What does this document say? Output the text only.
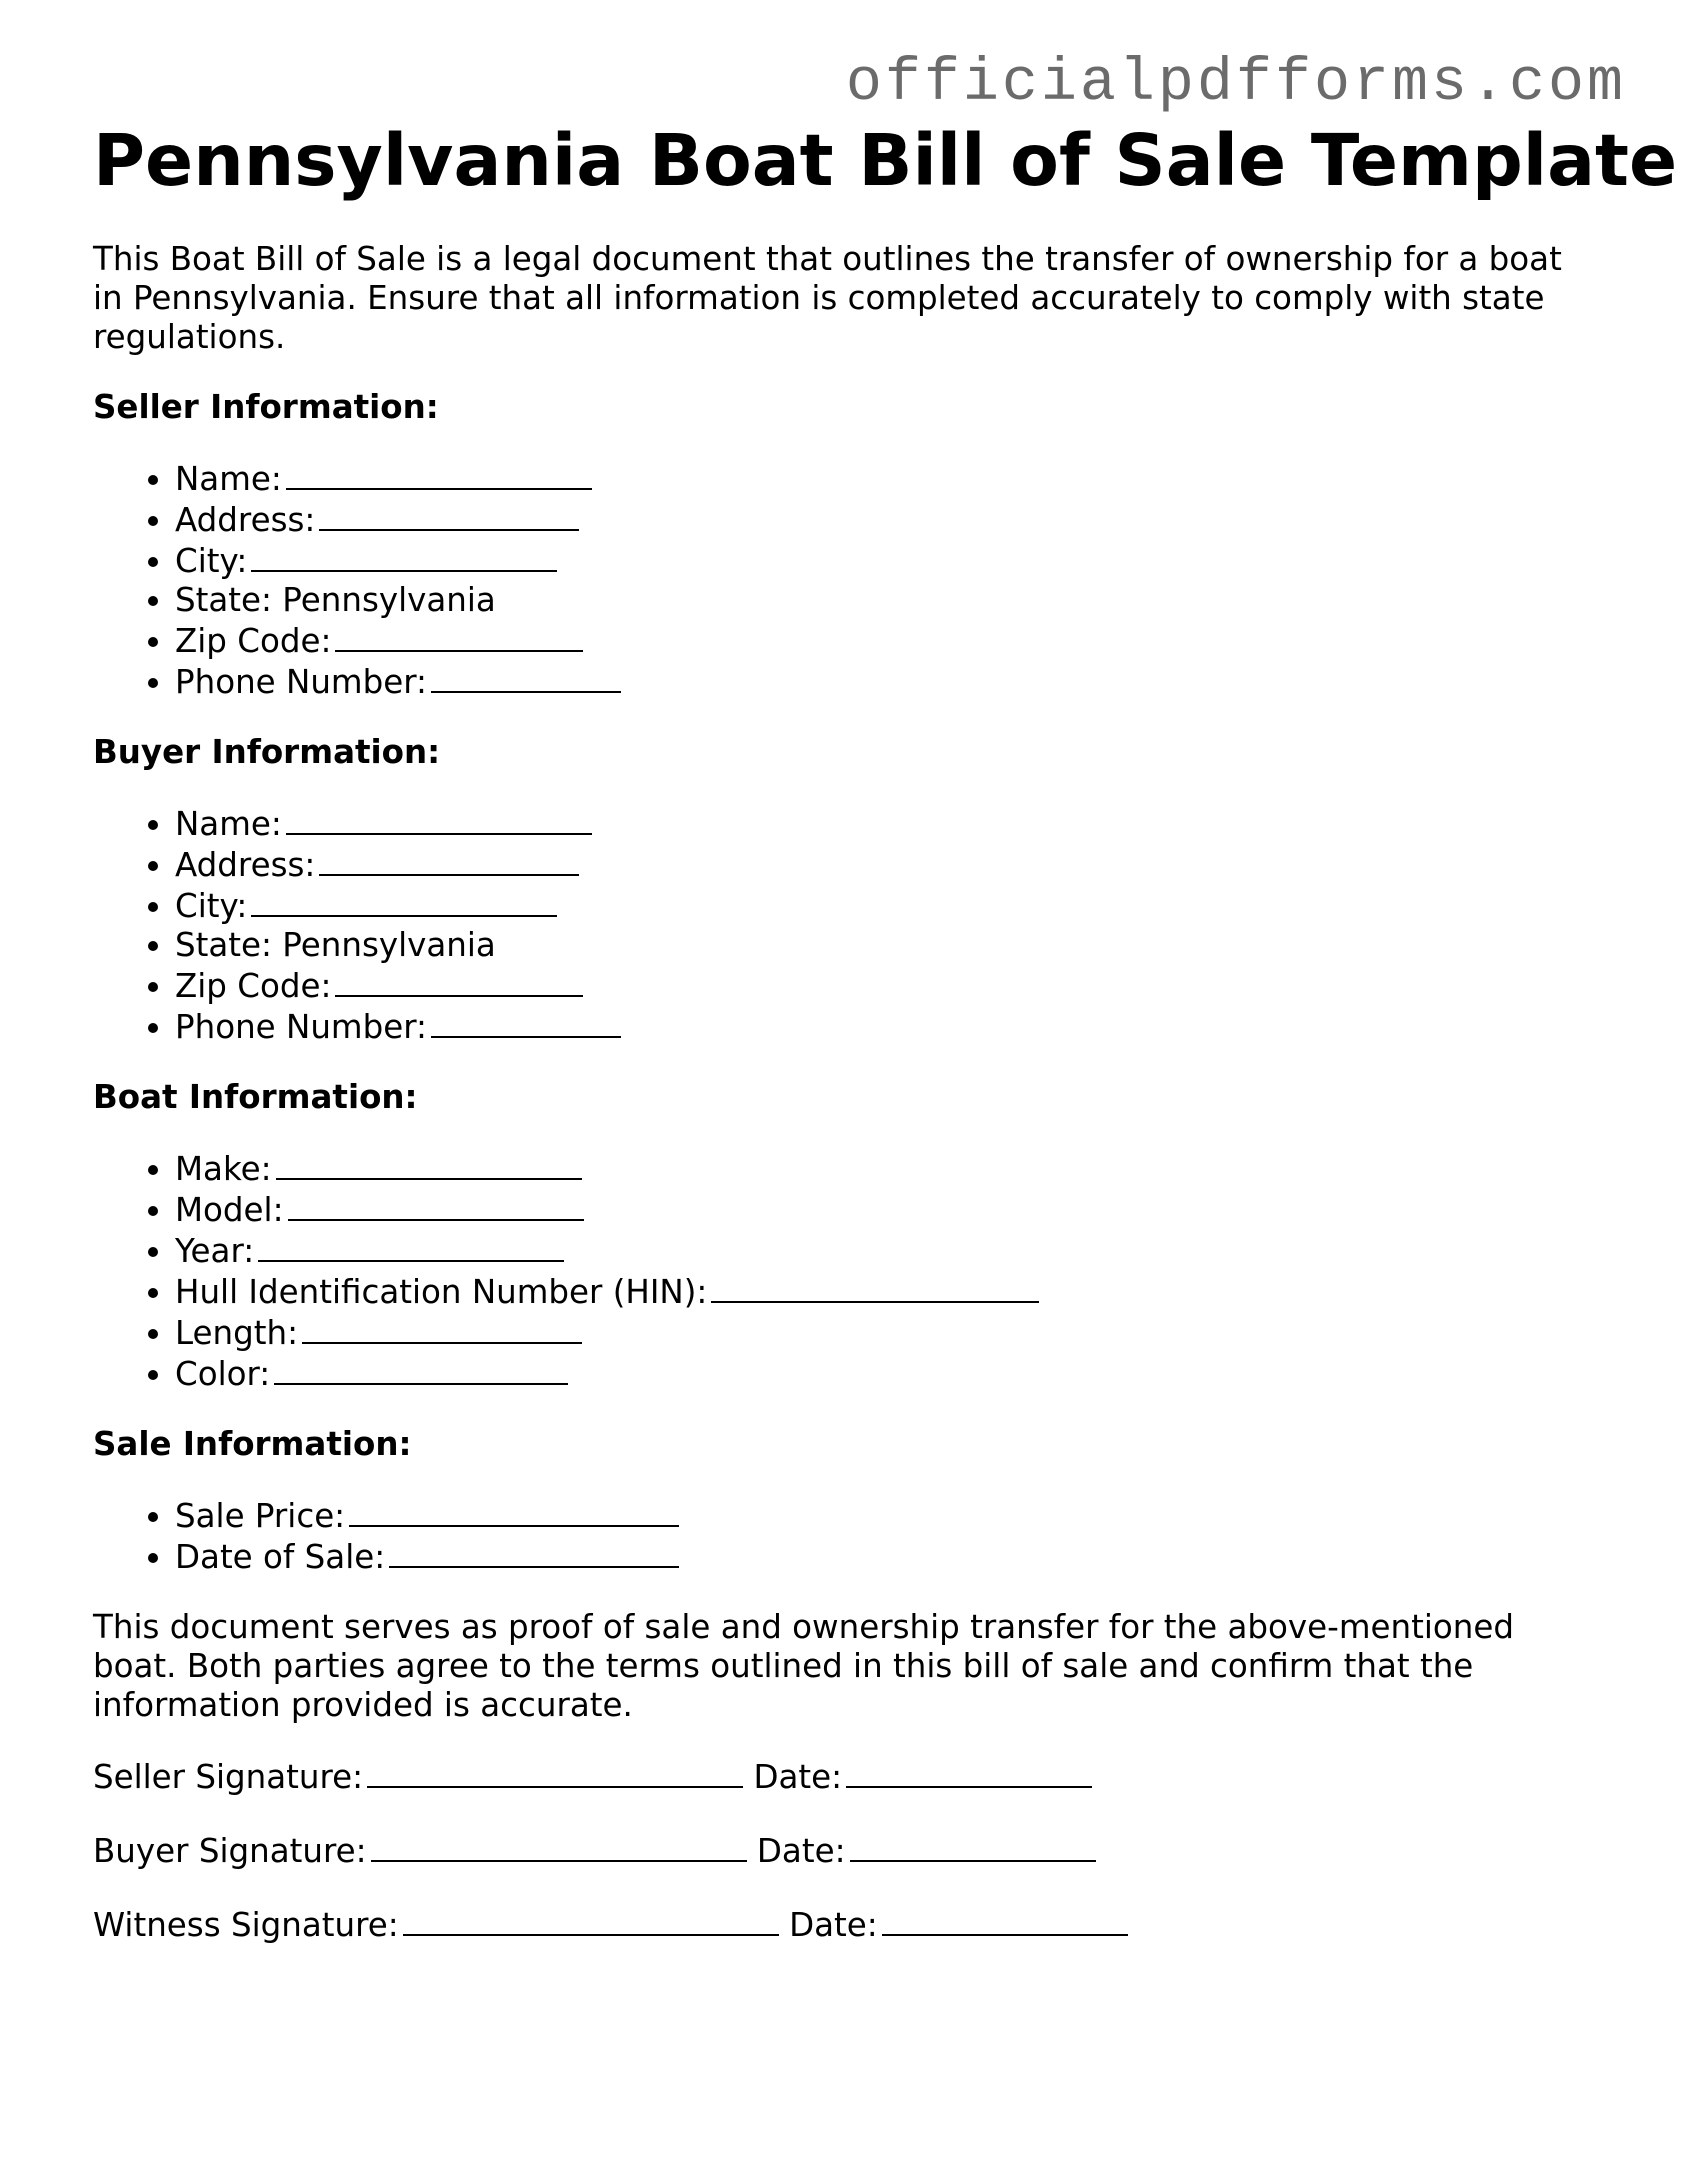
officialpdfforms.com
Pennsylvania Boat Bill of Sale Template

This Boat Bill of Sale is a legal document that outlines the transfer of ownership for a boat in Pennsylvania. Ensure that all information is completed accurately to comply with state regulations.

Seller Information:
• Name:
• Address:
• City:
• State: Pennsylvania
• Zip Code:
• Phone Number:
Buyer Information:
• Name:
• Address:
• City:
• State: Pennsylvania
• Zip Code:
• Phone Number:
Boat Information:
• Make:
• Model:
• Year:
• Hull Identification Number (HIN):
• Length:
• Color:
Sale Information:
• Sale Price:
• Date of Sale:

This document serves as proof of sale and ownership transfer for the above-mentioned boat. Both parties agree to the terms outlined in this bill of sale and confirm that the information provided is accurate.

Seller Signature:	Date:
Buyer Signature:	Date:
Witness Signature:	Date:
